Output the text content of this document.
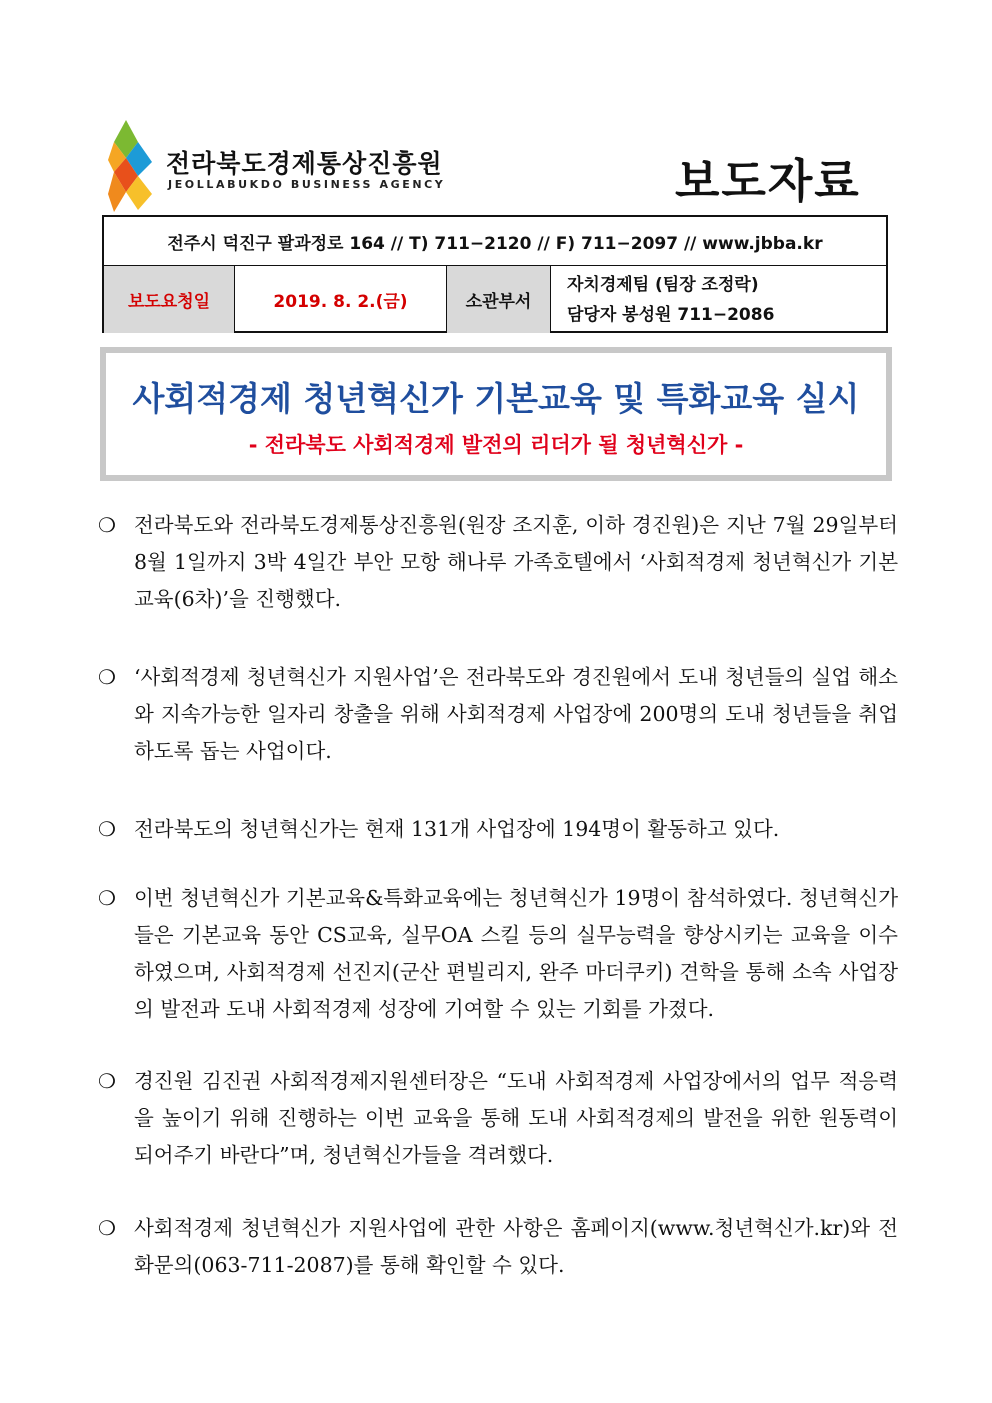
전라북도경제통상진흥원
JEOLLABUKDO BUSINESS AGENCY	보도자료
전주시 덕진구 팔과정로 164 // T) 711−2120 // F) 711−2097 // www.jbba.kr
보도요청일	2019. 8. 2.(금)	소관부서
자치경제팀 (팀장 조정락)
담당자 봉성원 711−2086
사회적경제 청년혁신가 기본교육 및 특화교육 실시
- 전라북도 사회적경제 발전의 리더가 될 청년혁신가 -

❍ 전라북도와 전라북도경제통상진흥원(원장 조지훈, 이하 경진원)은 지난 7월 29일부터 8월 1일까지 3박 4일간 부안 모항 해나루 가족호텔에서 ‘사회적경제 청년혁신가 기본교육(6차)’을 진행했다.

❍ ‘사회적경제 청년혁신가 지원사업’은 전라북도와 경진원에서 도내 청년들의 실업 해소와 지속가능한 일자리 창출을 위해 사회적경제 사업장에 200명의 도내 청년들을 취업하도록 돕는 사업이다.

❍ 전라북도의 청년혁신가는 현재 131개 사업장에 194명이 활동하고 있다.

❍ 이번 청년혁신가 기본교육&특화교육에는 청년혁신가 19명이 참석하였다. 청년혁신가들은 기본교육 동안 CS교육, 실무OA 스킬 등의 실무능력을 향상시키는 교육을 이수하였으며, 사회적경제 선진지(군산 편빌리지, 완주 마더쿠키) 견학을 통해 소속 사업장의 발전과 도내 사회적경제 성장에 기여할 수 있는 기회를 가졌다.

❍ 경진원 김진권 사회적경제지원센터장은 “도내 사회적경제 사업장에서의 업무 적응력을 높이기 위해 진행하는 이번 교육을 통해 도내 사회적경제의 발전을 위한 원동력이 되어주기 바란다”며, 청년혁신가들을 격려했다.

❍ 사회적경제 청년혁신가 지원사업에 관한 사항은 홈페이지(www.청년혁신가.kr)와 전화문의(063-711-2087)를 통해 확인할 수 있다.
